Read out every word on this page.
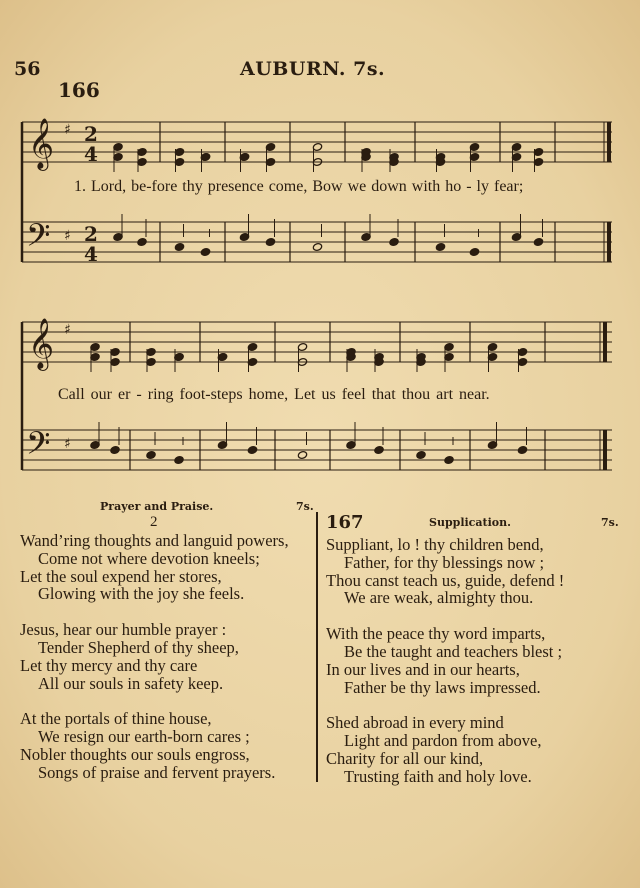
56	AUBURN. 7s.
166
𝄞
𝄢
2
4
2
4
♯
♯
𝄞
𝄢
♯
♯
1. Lord, be-fore thy presence come, Bow we down with ho - ly fear;
Call our er - ring foot-steps home, Let us feel that thou art near.
Prayer and Praise.	7s.
2
Wand’ring thoughts and languid powers,
Come not where devotion kneels;
Let the soul expend her stores,
Glowing with the joy she feels.
Jesus, hear our humble prayer :
Tender Shepherd of thy sheep,
Let thy mercy and thy care
All our souls in safety keep.
At the portals of thine house,
We resign our earth-born cares ;
Nobler thoughts our souls engross,
Songs of praise and fervent prayers.
167	Supplication.	7s.
Suppliant, lo ! thy children bend,
Father, for thy blessings now ;
Thou canst teach us, guide, defend !
We are weak, almighty thou.
With the peace thy word imparts,
Be the taught and teachers blest ;
In our lives and in our hearts,
Father be thy laws impressed.
Shed abroad in every mind
Light and pardon from above,
Charity for all our kind,
Trusting faith and holy love.
